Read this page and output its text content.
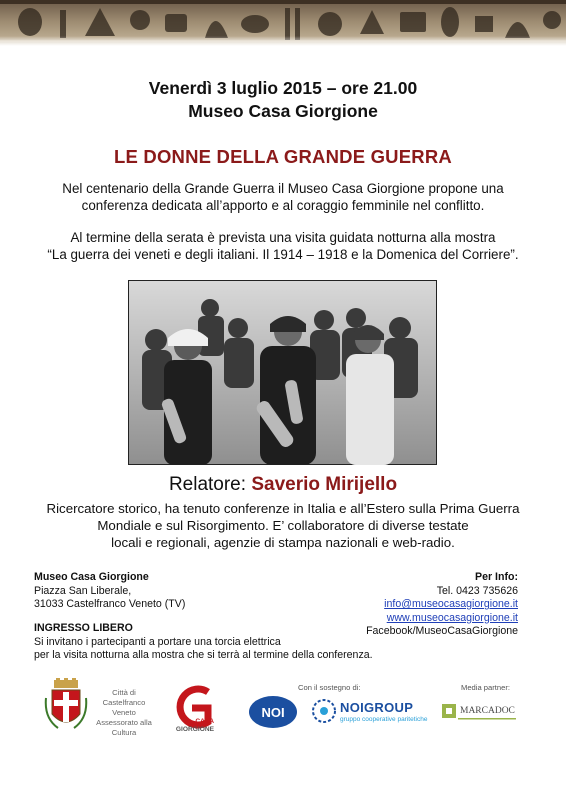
Venerdì 3 luglio 2015 – ore 21.00
Museo Casa Giorgione
LE DONNE DELLA GRANDE GUERRA
Nel centenario della Grande Guerra il Museo Casa Giorgione propone una
conferenza dedicata all’apporto e al coraggio femminile nel conflitto.
Al termine della serata è prevista una visita guidata notturna alla mostra
“La guerra dei veneti e degli italiani. Il 1914 – 1918 e la Domenica del Corriere”.
Relatore: Saverio Mirijello
Ricercatore storico, ha tenuto conferenze in Italia e all’Estero sulla Prima Guerra
Mondiale e sul Risorgimento. E’ collaboratore di diverse testate
locali e regionali, agenzie di stampa nazionali e web-radio.
Museo Casa Giorgione
Piazza San Liberale,
31033 Castelfranco Veneto (TV)
Per Info:
Tel. 0423 735626
info@museocasagiorgione.it
www.museocasagiorgione.it
Facebook/MuseoCasaGiorgione
INGRESSO LIBERO
Si invitano i partecipanti a portare una torcia elettrica
per la visita notturna alla mostra che si terrà al termine della conferenza.
Città di
Castelfranco
Veneto
Assessorato alla
Cultura
CASA
GIORGIONE
Con il sostegno di:
NOI	NOIGROUP
gruppo cooperative paritetiche
Media partner:
MARCADOC
